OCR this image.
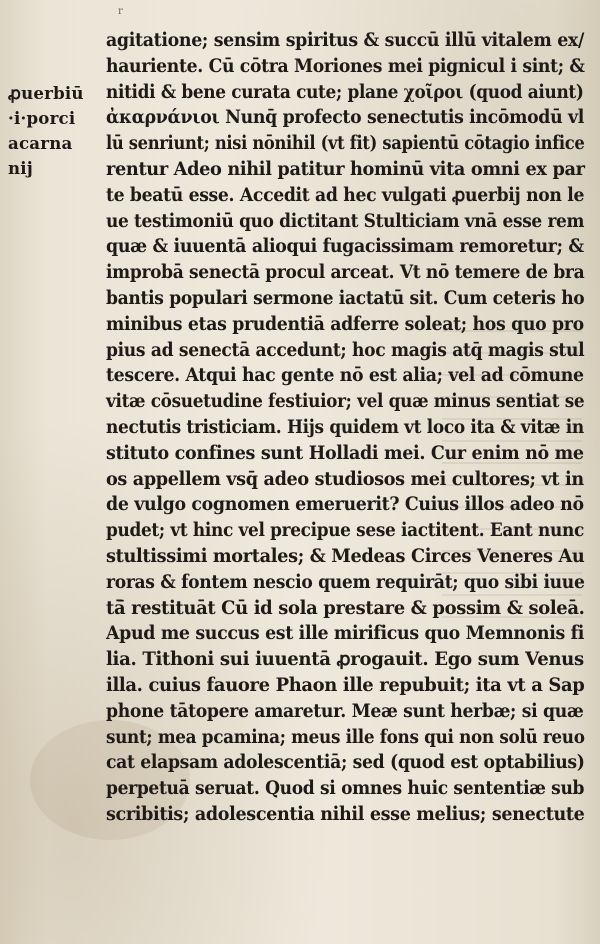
r
ꝓuerbiū
·i·porci
acarna
nij
agitatione; sensim spiritus & succū illū vitalem ex/
hauriente. Cū cōtra Moriones mei pignicul i sint; &
nitidi & bene curata cute; plane χοῖροι (quod aiunt)
ἀκαρνάνιοι Nunq̄ profecto senectutis incōmodū vl
lū senriunt; nisi nōnihil (vt fit) sapientū cōtagio infice
rentur Adeo nihil patitur hominū vita omni ex par
te beatū esse. Accedit ad hec vulgati ꝓuerbij non le
ue testimoniū quo dictitant Stulticiam vnā esse rem
quæ & iuuentā alioqui fugacissimam remoretur; &
improbā senectā procul arceat. Vt nō temere de bra
bantis populari sermone iactatū sit. Cum ceteris ho
minibus etas prudentiā adferre soleat; hos quo pro
pius ad senectā accedunt; hoc magis atq̄ magis stul
tescere. Atqui hac gente nō est alia; vel ad cōmune
vitæ cōsuetudine festiuior; vel quæ minus sentiat se
nectutis tristiciam. Hijs quidem vt loco ita & vitæ in
stituto confines sunt Holladi mei. Cur enim nō me
os appellem vsq̄ adeo studiosos mei cultores; vt in
de vulgo cognomen emeruerit? Cuius illos adeo nō
pudet; vt hinc vel precipue sese iactitent. Eant nunc
stultissimi mortales; & Medeas Circes Veneres Au
roras & fontem nescio quem requirāt; quo sibi iuue
tā̄ restituāt Cū id sola prestare & possim & soleā.
Apud me succus est ille mirificus quo Memnonis fi
lia. Tithoni sui iuuentā ꝓrogauit. Ego sum Venus
illa. cuius fauore Phaon ille repubuit; ita vt a Sap
phone tātopere amaretur. Meæ sunt herbæ; si quæ
sunt; mea pcamina; meus ille fons qui non solū reuo
cat elapsam adolescentiā; sed (quod est optabilius)
perpetuā seruat. Quod si omnes huic sententiæ sub
scribitis; adolescentia nihil esse melius; senectute
